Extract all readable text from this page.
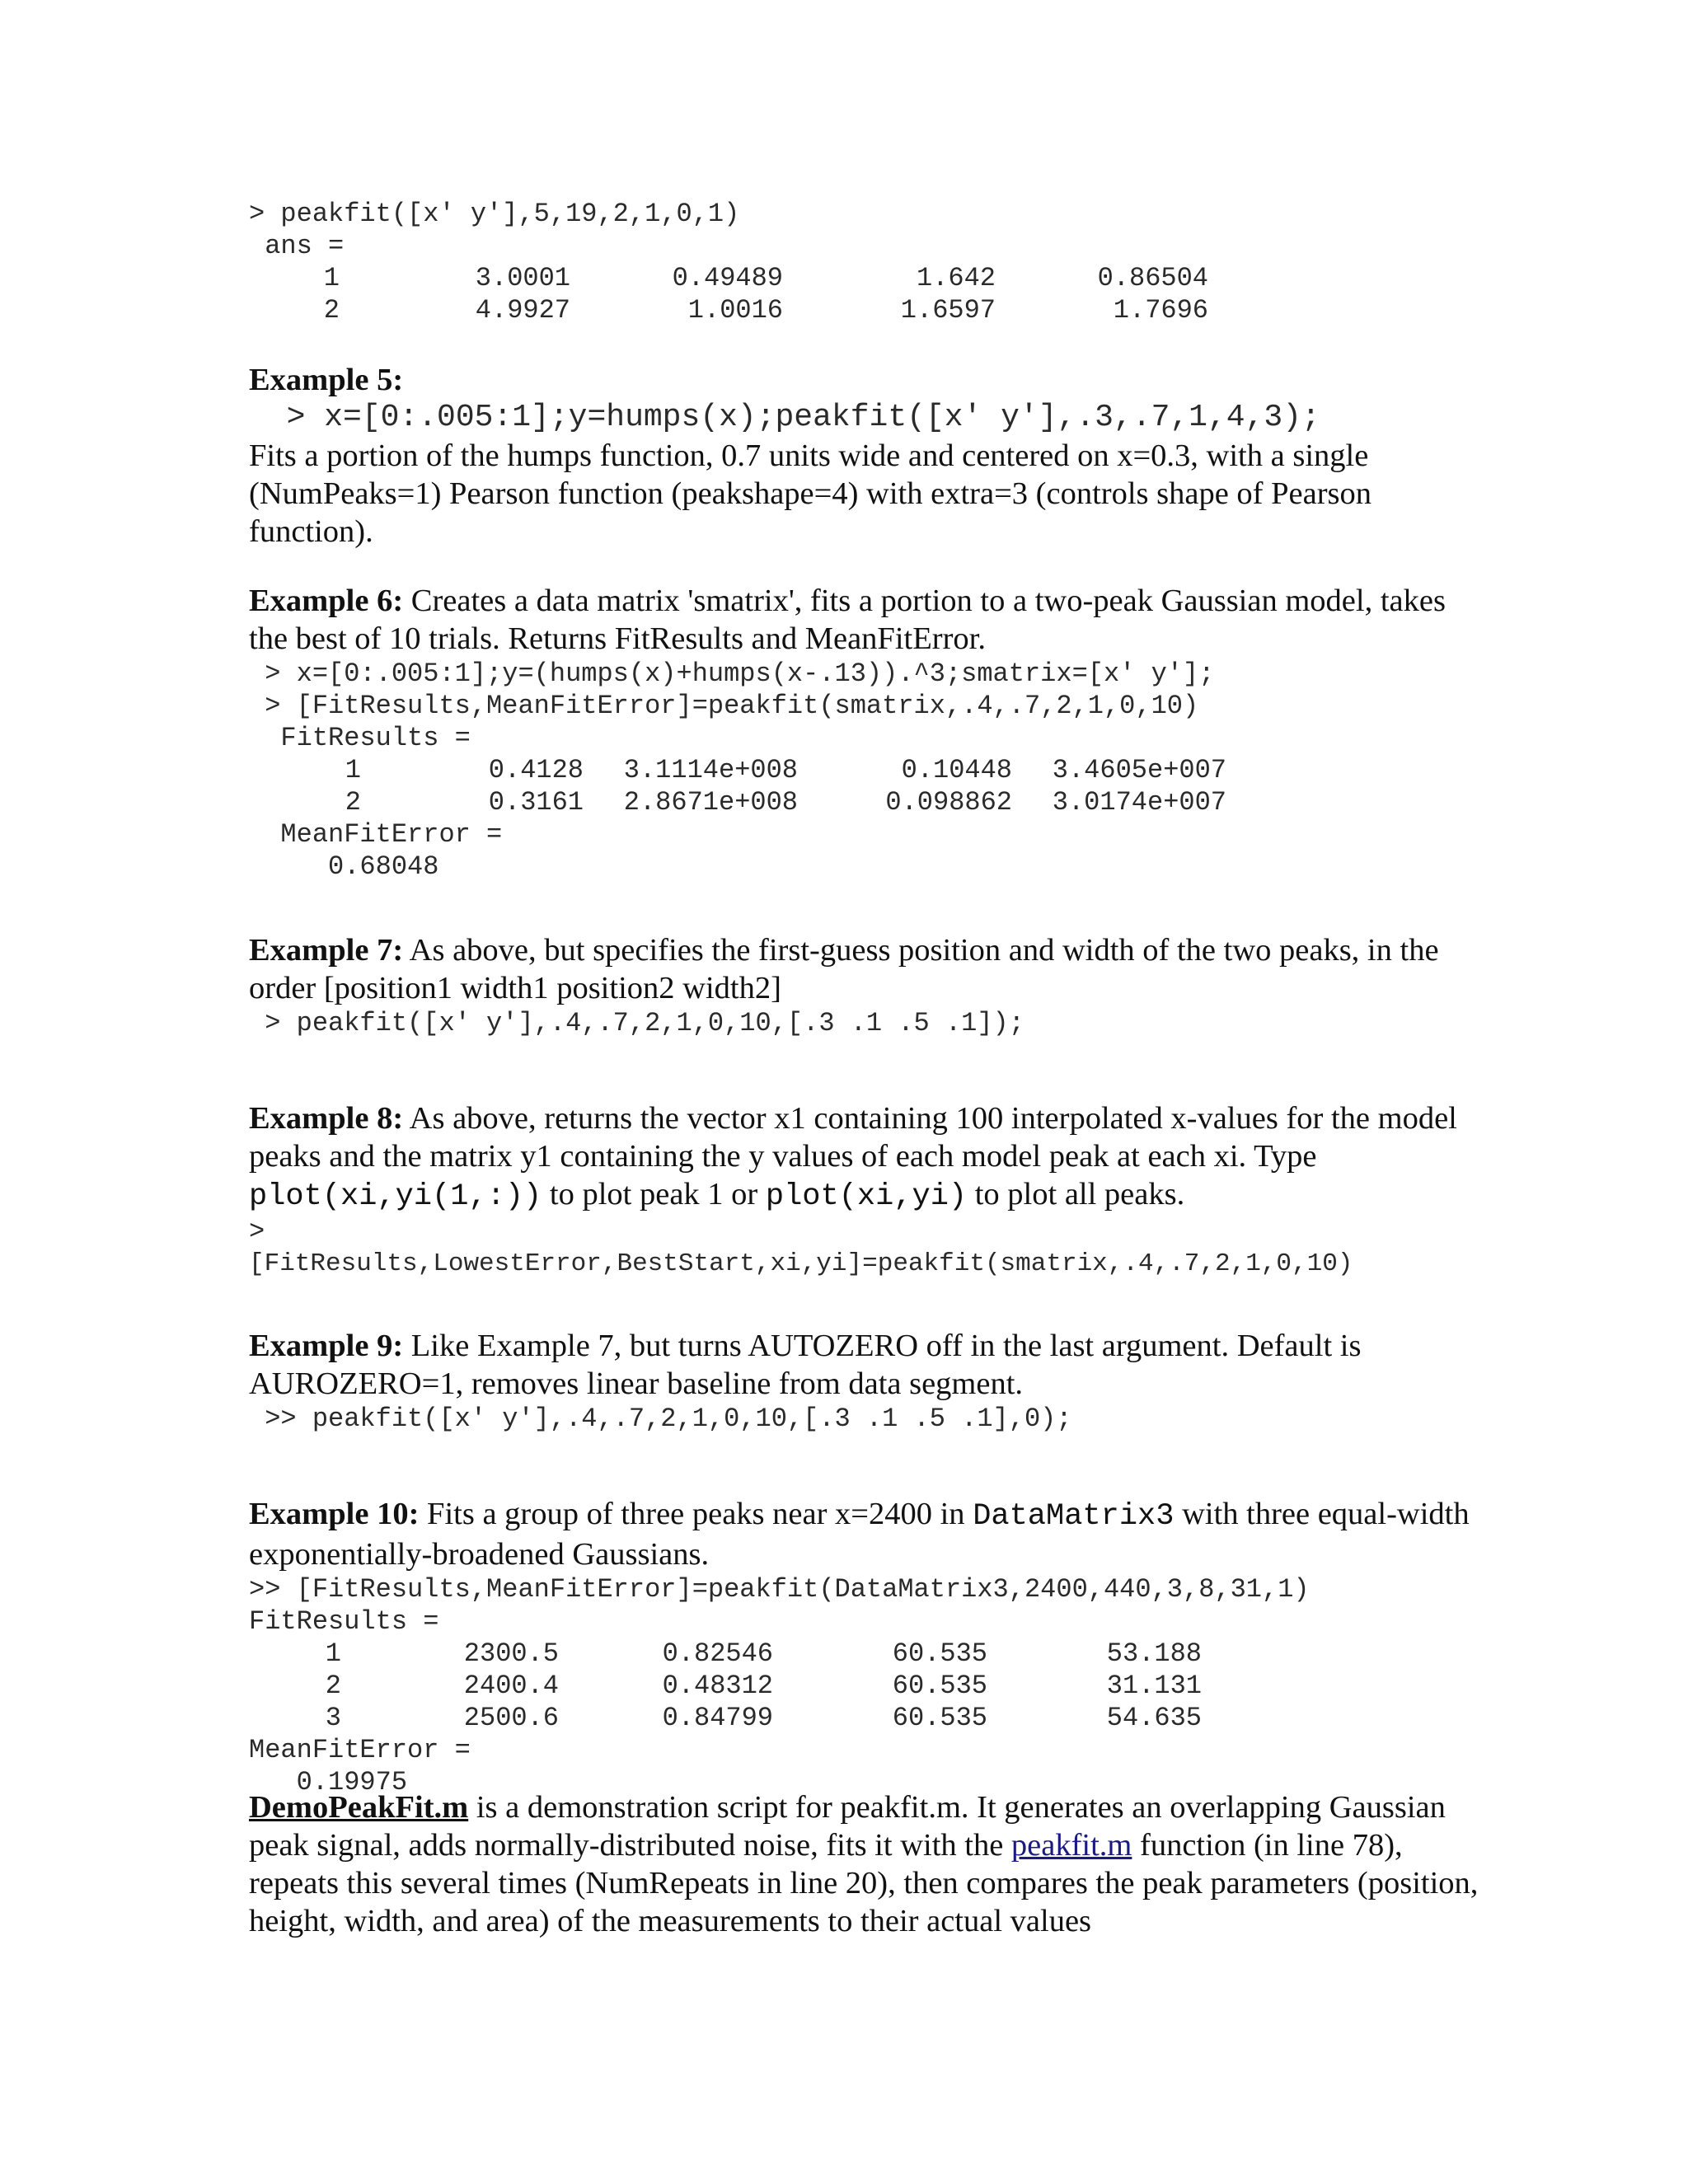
> peakfit([x' y'],5,19,2,1,0,1)
ans =
1	3.0001	0.49489	1.642	0.86504
2	4.9927	1.0016	1.6597	1.7696
Example 5:
> x=[0:.005:1];y=humps(x);peakfit([x' y'],.3,.7,1,4,3);
Fits a portion of the humps function, 0.7 units wide and centered on x=0.3, with a single (NumPeaks=1) Pearson function (peakshape=4) with extra=3 (controls shape of Pearson function).
Example 6: Creates a data matrix 'smatrix', fits a portion to a two-peak Gaussian model, takes the best of 10 trials. Returns FitResults and MeanFitError.
> x=[0:.005:1];y=(humps(x)+humps(x-.13)).^3;smatrix=[x' y'];
> [FitResults,MeanFitError]=peakfit(smatrix,.4,.7,2,1,0,10)
FitResults =
1	0.4128	3.1114e+008	0.10448	3.4605e+007
2	0.3161	2.8671e+008	0.098862	3.0174e+007
MeanFitError =
0.68048
Example 7: As above, but specifies the first-guess position and width of the two peaks, in the order [position1 width1 position2 width2]
> peakfit([x' y'],.4,.7,2,1,0,10,[.3 .1 .5 .1]);
Example 8: As above, returns the vector x1 containing 100 interpolated x-values for the model peaks and the matrix y1 containing the y values of each model peak at each xi. Type plot(xi,yi(1,:)) to plot peak 1 or plot(xi,yi) to plot all peaks.
>
[FitResults,LowestError,BestStart,xi,yi]=peakfit(smatrix,.4,.7,2,1,0,10)
Example 9: Like Example 7, but turns AUTOZERO off in the last argument. Default is AUROZERO=1, removes linear baseline from data segment.
>> peakfit([x' y'],.4,.7,2,1,0,10,[.3 .1 .5 .1],0);
Example 10: Fits a group of three peaks near x=2400 in DataMatrix3 with three equal-width exponentially-broadened Gaussians.
>> [FitResults,MeanFitError]=peakfit(DataMatrix3,2400,440,3,8,31,1)
FitResults =
1	2300.5	0.82546	60.535	53.188
2	2400.4	0.48312	60.535	31.131
3	2500.6	0.84799	60.535	54.635
MeanFitError =
0.19975
DemoPeakFit.m is a demonstration script for peakfit.m. It generates an overlapping Gaussian peak signal, adds normally-distributed noise, fits it with the peakfit.m function (in line 78), repeats this several times (NumRepeats in line 20), then compares the peak parameters (position, height, width, and area) of the measurements to their actual values
